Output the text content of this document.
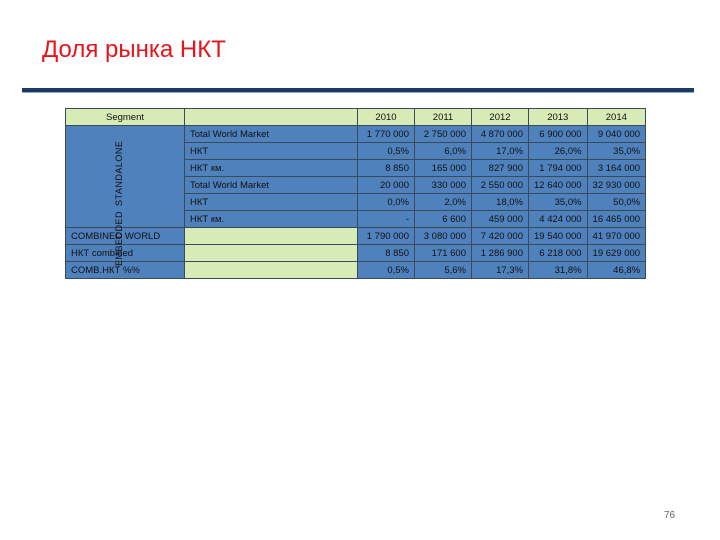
Доля рынка НКТ
Segment		2010	2011	2012	2013	2014
	Total World Market	1 770 000	2 750 000	4 870 000	6 900 000	9 040 000
	НКТ	0,5%	6,0%	17,0%	26,0%	35,0%
	НКТ км.	8 850	165 000	827 900	1 794 000	3 164 000
	Total World Market	20 000	330 000	2 550 000	12 640 000	32 930 000
	НКТ	0,0%	2,0%	18,0%	35,0%	50,0%
	НКТ км.	-	6 600	459 000	4 424 000	16 465 000
COMBINED WORLD		1 790 000	3 080 000	7 420 000	19 540 000	41 970 000
НКТ combined		8 850	171 600	1 286 900	6 218 000	19 629 000
COMB.НКТ %%		0,5%	5,6%	17,3%	31,8%	46,8%
STANDALONE
EMBEDDED
76
